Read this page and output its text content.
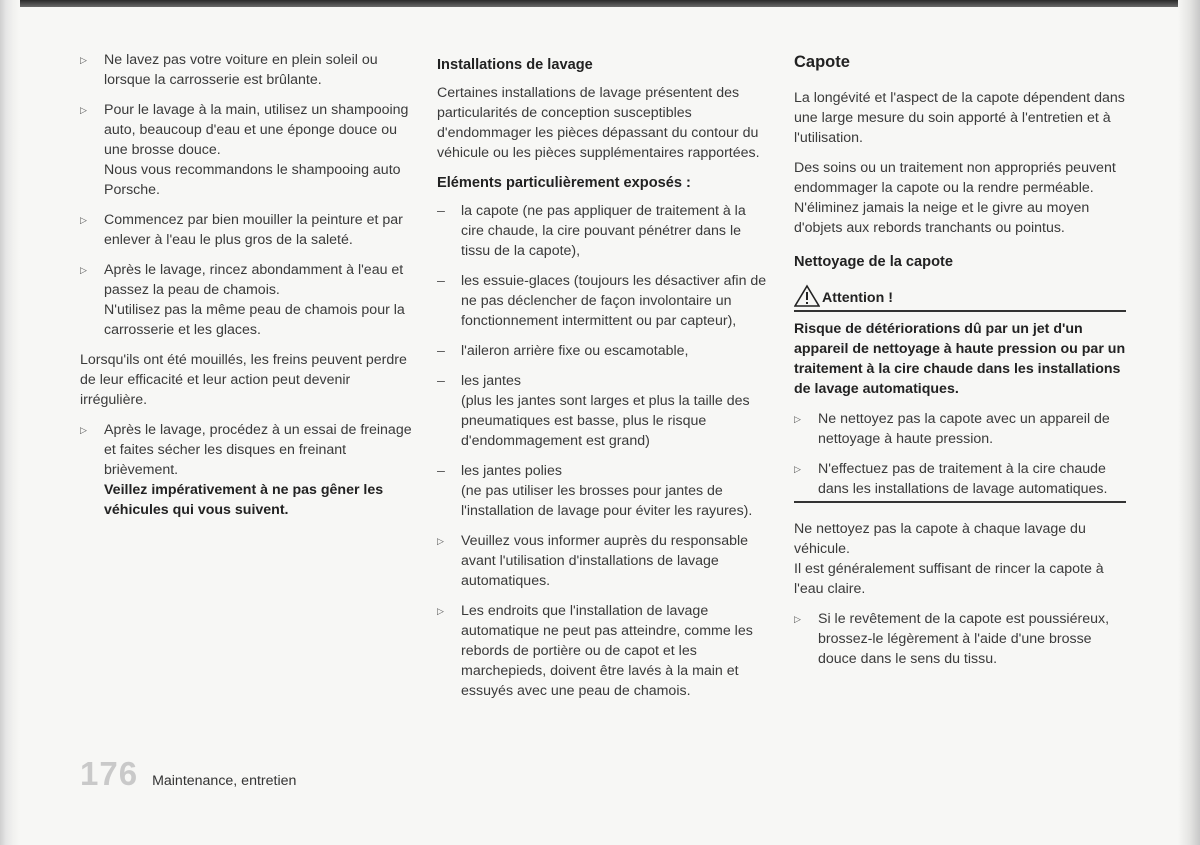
▷ Ne lavez pas votre voiture en plein soleil ou lorsque la carrosserie est brûlante.
▷ Pour le lavage à la main, utilisez un shampooing auto, beaucoup d'eau et une éponge douce ou une brosse douce.
Nous vous recommandons le shampooing auto Porsche.
▷ Commencez par bien mouiller la peinture et par enlever à l'eau le plus gros de la saleté.
▷ Après le lavage, rincez abondamment à l'eau et passez la peau de chamois.
N'utilisez pas la même peau de chamois pour la carrosserie et les glaces.
Lorsqu'ils ont été mouillés, les freins peuvent perdre de leur efficacité et leur action peut devenir irrégulière.
▷ Après le lavage, procédez à un essai de freinage et faites sécher les disques en freinant brièvement.
Veillez impérativement à ne pas gêner les véhicules qui vous suivent.
Installations de lavage
Certaines installations de lavage présentent des particularités de conception susceptibles d'endommager les pièces dépassant du contour du véhicule ou les pièces supplémentaires rapportées.
Eléments particulièrement exposés :
– la capote (ne pas appliquer de traitement à la cire chaude, la cire pouvant pénétrer dans le tissu de la capote),
– les essuie-glaces (toujours les désactiver afin de ne pas déclencher de façon involontaire un fonctionnement intermittent ou par capteur),
– l'aileron arrière fixe ou escamotable,
– les jantes
(plus les jantes sont larges et plus la taille des pneumatiques est basse, plus le risque d'endommagement est grand)
– les jantes polies
(ne pas utiliser les brosses pour jantes de l'installation de lavage pour éviter les rayures).
▷ Veuillez vous informer auprès du responsable avant l'utilisation d'installations de lavage automatiques.
▷ Les endroits que l'installation de lavage automatique ne peut pas atteindre, comme les rebords de portière ou de capot et les marchepieds, doivent être lavés à la main et essuyés avec une peau de chamois.
Capote
La longévité et l'aspect de la capote dépendent dans une large mesure du soin apporté à l'entretien et à l'utilisation.
Des soins ou un traitement non appropriés peuvent endommager la capote ou la rendre perméable.
N'éliminez jamais la neige et le givre au moyen d'objets aux rebords tranchants ou pointus.
Nettoyage de la capote
Attention !
Risque de détériorations dû par un jet d'un appareil de nettoyage à haute pression ou par un traitement à la cire chaude dans les installations de lavage automatiques.
▷ Ne nettoyez pas la capote avec un appareil de nettoyage à haute pression.
▷ N'effectuez pas de traitement à la cire chaude dans les installations de lavage automatiques.
Ne nettoyez pas la capote à chaque lavage du véhicule.
Il est généralement suffisant de rincer la capote à l'eau claire.
▷ Si le revêtement de la capote est poussiéreux, brossez-le légèrement à l'aide d'une brosse douce dans le sens du tissu.
176 Maintenance, entretien
